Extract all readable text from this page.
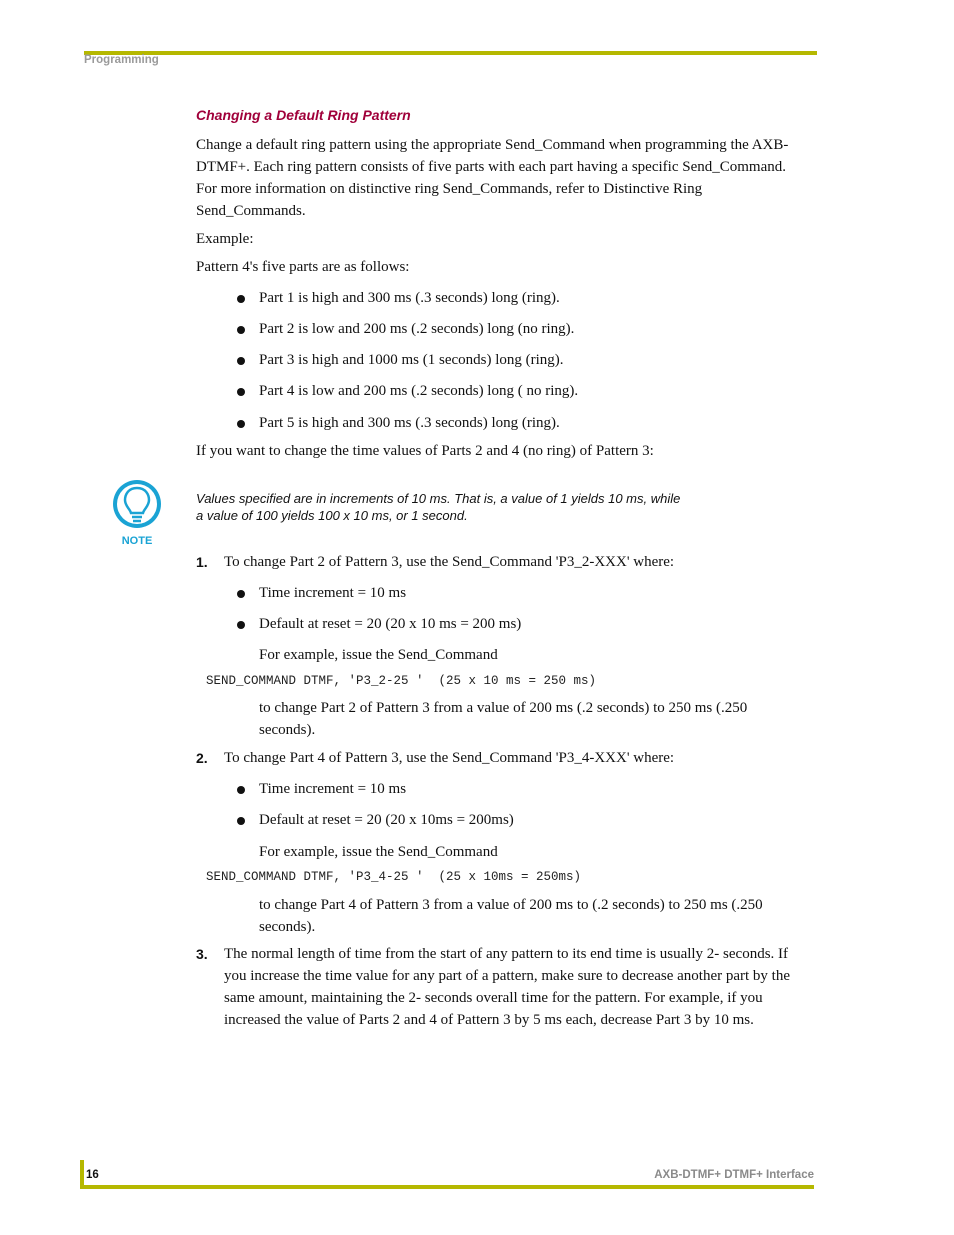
Programming
Changing a Default Ring Pattern
Change a default ring pattern using the appropriate Send_Command when programming the AXB-
DTMF+. Each ring pattern consists of five parts with each part having a specific Send_Command.
For more information on distinctive ring Send_Commands, refer to Distinctive Ring
Send_Commands.
Example:
Pattern 4's five parts are as follows:
Part 1 is high and 300 ms (.3 seconds) long (ring).
Part 2 is low and 200 ms (.2 seconds) long (no ring).
Part 3 is high and 1000 ms (1 seconds) long (ring).
Part 4 is low and 200 ms (.2 seconds) long ( no ring).
Part 5 is high and 300 ms (.3 seconds) long (ring).
If you want to change the time values of Parts 2 and 4 (no ring) of Pattern 3:
NOTE
Values specified are in increments of 10 ms. That is, a value of 1 yields 10 ms, while
a value of 100 yields 100 x 10 ms, or 1 second.
1. To change Part 2 of Pattern 3, use the Send_Command 'P3_2-XXX' where:
Time increment = 10 ms
Default at reset = 20 (20 x 10 ms = 200 ms)
For example, issue the Send_Command
SEND_COMMAND DTMF, 'P3_2-25 '  (25 x 10 ms = 250 ms)
to change Part 2 of Pattern 3 from a value of 200 ms (.2 seconds) to 250 ms (.250
seconds).
2. To change Part 4 of Pattern 3, use the Send_Command 'P3_4-XXX' where:
Time increment = 10 ms
Default at reset = 20 (20 x 10ms = 200ms)
For example, issue the Send_Command
SEND_COMMAND DTMF, 'P3_4-25 '  (25 x 10ms = 250ms)
to change Part 4 of Pattern 3 from a value of 200 ms to (.2 seconds) to 250 ms (.250
seconds).
3. The normal length of time from the start of any pattern to its end time is usually 2- seconds. If
you increase the time value for any part of a pattern, make sure to decrease another part by the
same amount, maintaining the 2- seconds overall time for the pattern. For example, if you
increased the value of Parts 2 and 4 of Pattern 3 by 5 ms each, decrease Part 3 by 10 ms.
16	AXB-DTMF+ DTMF+ Interface
